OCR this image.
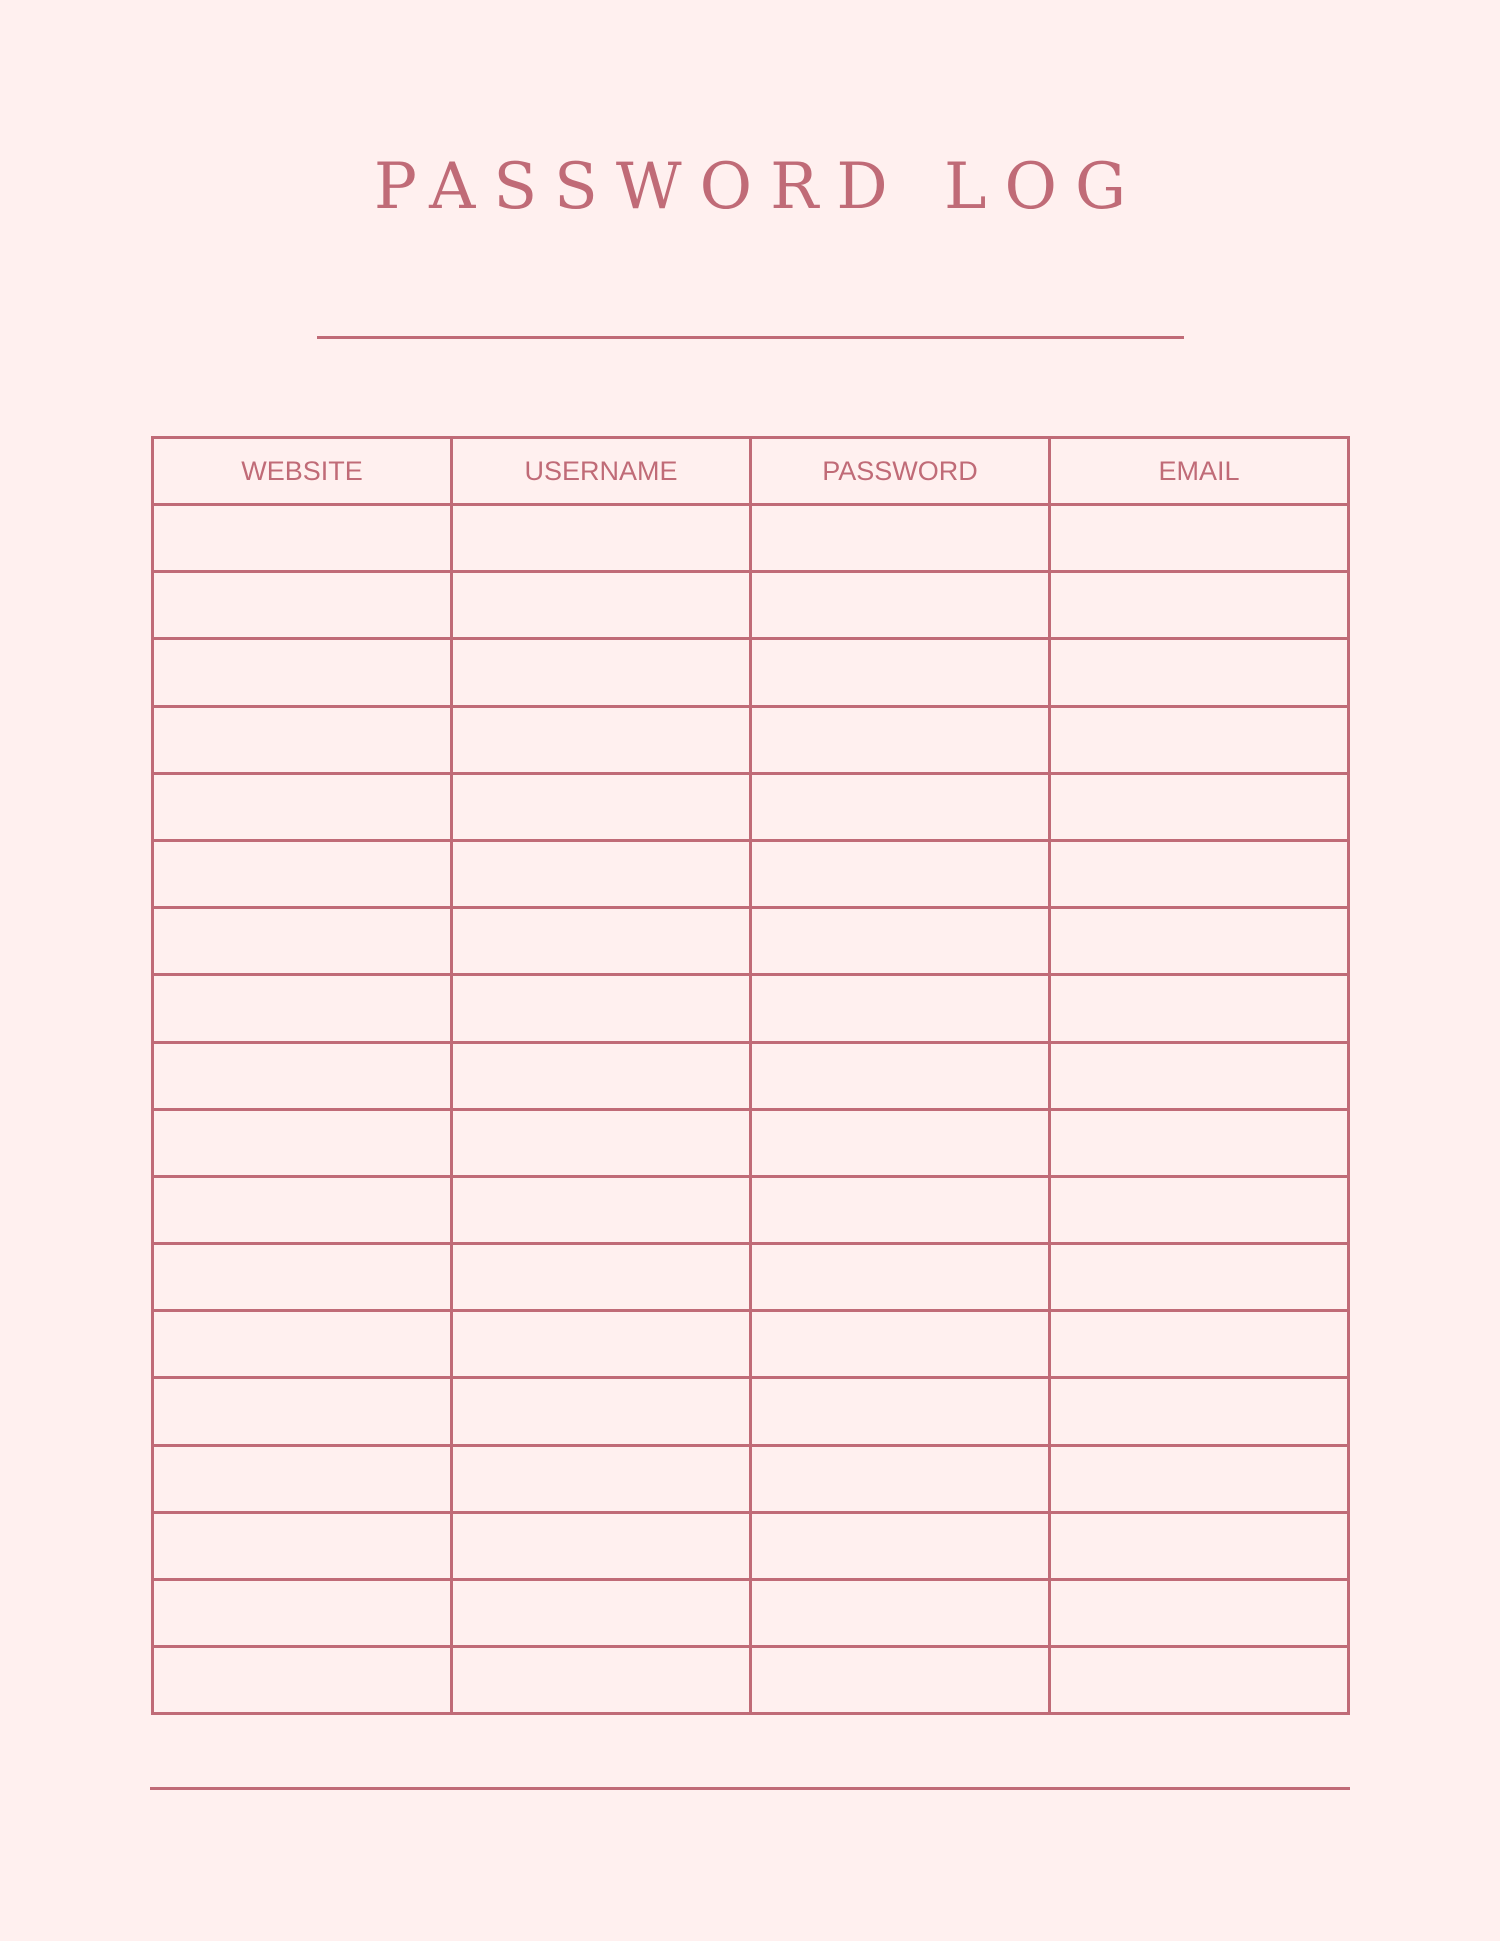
PASSWORD LOG
WEBSITE	USERNAME	PASSWORD	EMAIL
